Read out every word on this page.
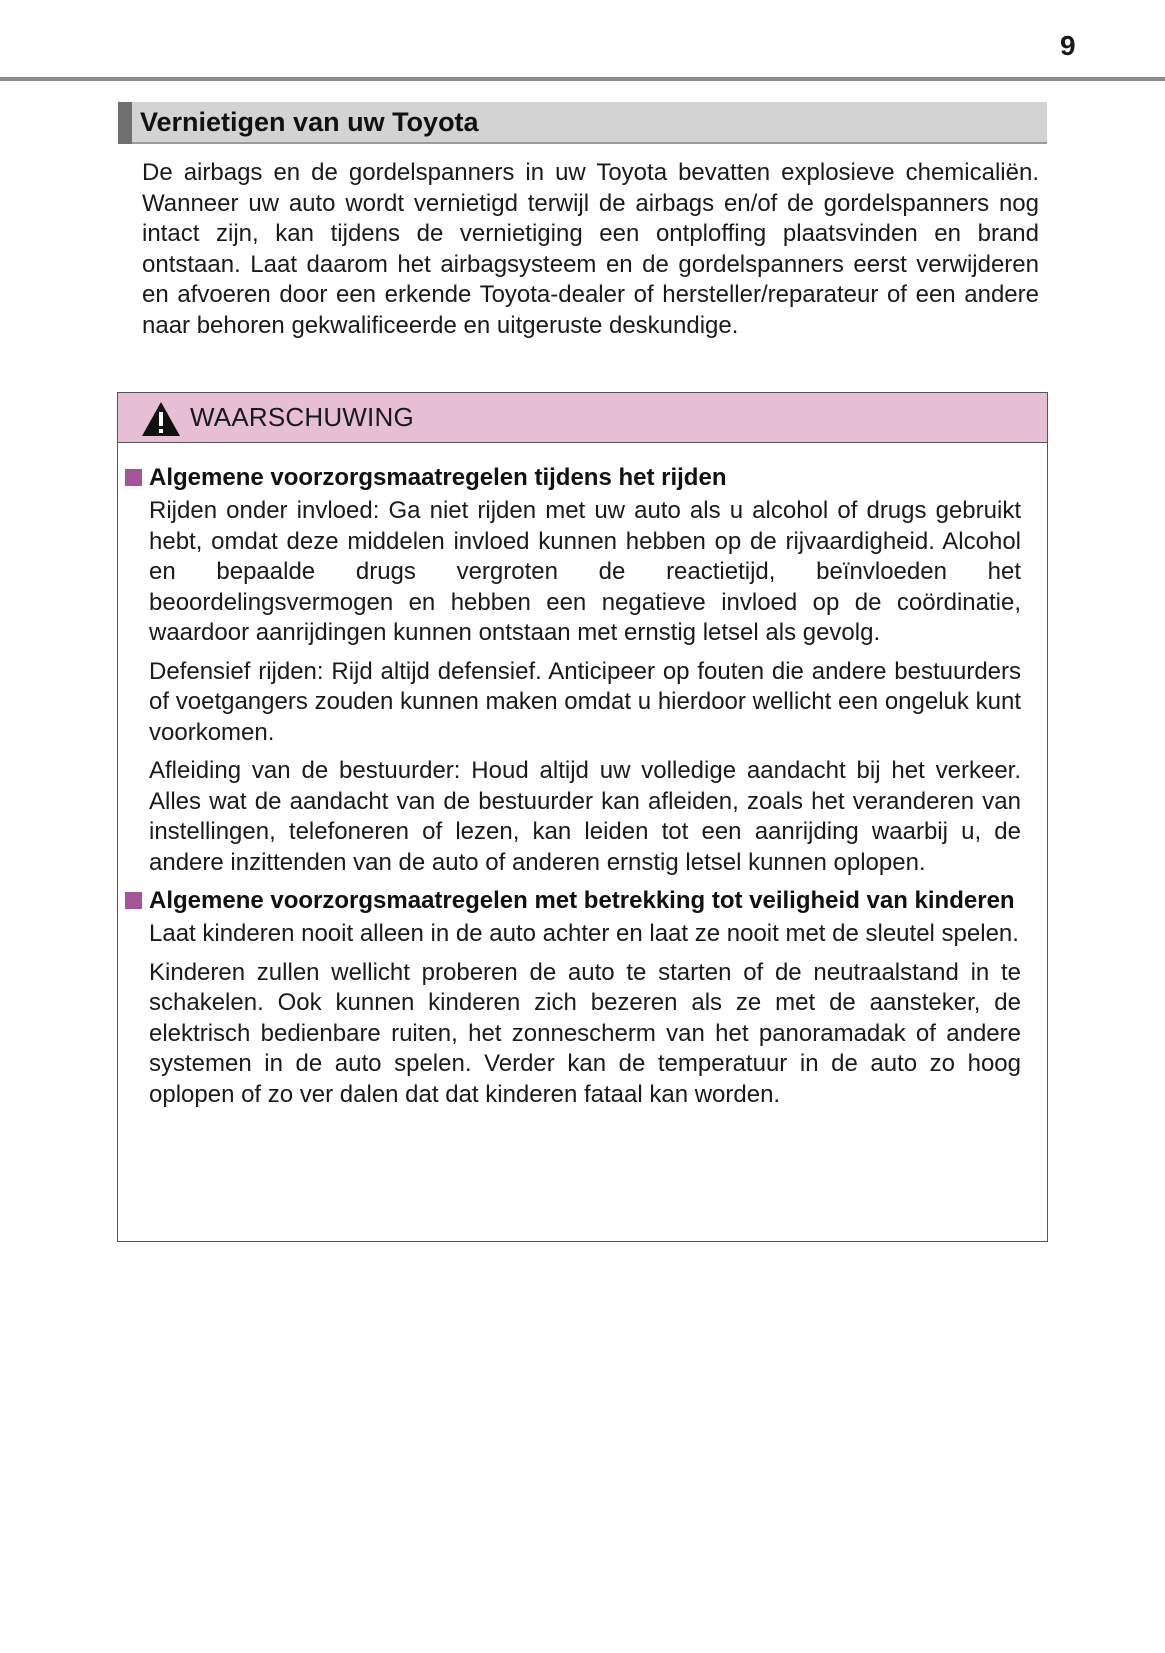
9
Vernietigen van uw Toyota

De airbags en de gordelspanners in uw Toyota bevatten explosieve chemicaliën. Wanneer uw auto wordt vernietigd terwijl de airbags en/of de gordelspanners nog intact zijn, kan tijdens de vernietiging een ontploffing plaatsvinden en brand ontstaan. Laat daarom het airbagsysteem en de gordelspanners eerst verwijderen en afvoeren door een erkende Toyota-dealer of hersteller/reparateur of een andere naar behoren gekwalificeerde en uitgeruste deskundige.

WAARSCHUWING
Algemene voorzorgsmaatregelen tijdens het rijden

Rijden onder invloed: Ga niet rijden met uw auto als u alcohol of drugs gebruikt hebt, omdat deze middelen invloed kunnen hebben op de rijvaardigheid. Alcohol en bepaalde drugs vergroten de reactietijd, beïnvloeden het beoordelingsvermogen en hebben een negatieve invloed op de coördinatie, waardoor aanrijdingen kunnen ontstaan met ernstig letsel als gevolg.

Defensief rijden: Rijd altijd defensief. Anticipeer op fouten die andere bestuurders of voetgangers zouden kunnen maken omdat u hierdoor wellicht een ongeluk kunt voorkomen.

Afleiding van de bestuurder: Houd altijd uw volledige aandacht bij het verkeer. Alles wat de aandacht van de bestuurder kan afleiden, zoals het veranderen van instellingen, telefoneren of lezen, kan leiden tot een aanrijding waarbij u, de andere inzittenden van de auto of anderen ernstig letsel kunnen oplopen.

Algemene voorzorgsmaatregelen met betrekking tot veiligheid van kinderen

Laat kinderen nooit alleen in de auto achter en laat ze nooit met de sleutel spelen.

Kinderen zullen wellicht proberen de auto te starten of de neutraalstand in te schakelen. Ook kunnen kinderen zich bezeren als ze met de aansteker, de elektrisch bedienbare ruiten, het zonnescherm van het panoramadak of andere systemen in de auto spelen. Verder kan de temperatuur in de auto zo hoog oplopen of zo ver dalen dat dat kinderen fataal kan worden.
